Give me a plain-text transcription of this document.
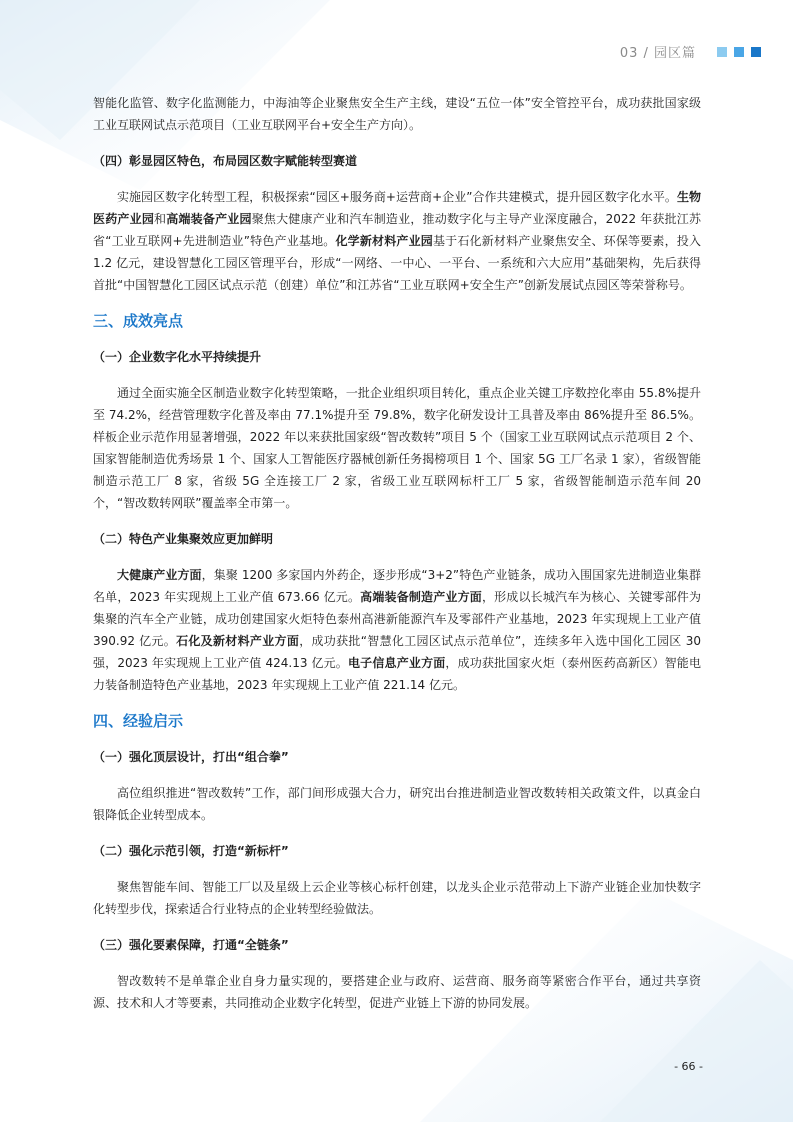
03 / 园区篇

智能化监管、数字化监测能力，中海油等企业聚焦安全生产主线，建设“五位一体”安全管控平台，成功获批国家级工业互联网试点示范项目（工业互联网平台+安全生产方向）。

（四）彰显园区特色，布局园区数字赋能转型赛道

实施园区数字化转型工程，积极探索“园区+服务商+运营商+企业”合作共建模式，提升园区数字化水平。生物医药产业园和高端装备产业园聚焦大健康产业和汽车制造业，推动数字化与主导产业深度融合，2022 年获批江苏省“工业互联网+先进制造业”特色产业基地。化学新材料产业园基于石化新材料产业聚焦安全、环保等要素，投入 1.2 亿元，建设智慧化工园区管理平台，形成“一网络、一中心、一平台、一系统和六大应用”基础架构，先后获得首批“中国智慧化工园区试点示范（创建）单位”和江苏省“工业互联网+安全生产”创新发展试点园区等荣誉称号。

三、成效亮点

（一）企业数字化水平持续提升

通过全面实施全区制造业数字化转型策略，一批企业组织项目转化，重点企业关键工序数控化率由 55.8%提升至 74.2%，经营管理数字化普及率由 77.1%提升至 79.8%，数字化研发设计工具普及率由 86%提升至 86.5%。样板企业示范作用显著增强，2022 年以来获批国家级“智改数转”项目 5 个（国家工业互联网试点示范项目 2 个、国家智能制造优秀场景 1 个、国家人工智能医疗器械创新任务揭榜项目 1 个、国家 5G 工厂名录 1 家），省级智能制造示范工厂 8 家，省级 5G 全连接工厂 2 家，省级工业互联网标杆工厂 5 家，省级智能制造示范车间 20 个，“智改数转网联”覆盖率全市第一。

（二）特色产业集聚效应更加鲜明

大健康产业方面，集聚 1200 多家国内外药企，逐步形成“3+2”特色产业链条，成功入围国家先进制造业集群名单，2023 年实现规上工业产值 673.66 亿元。高端装备制造产业方面，形成以长城汽车为核心、关键零部件为集聚的汽车全产业链，成功创建国家火炬特色泰州高港新能源汽车及零部件产业基地，2023 年实现规上工业产值 390.92 亿元。石化及新材料产业方面，成功获批“智慧化工园区试点示范单位”，连续多年入选中国化工园区 30 强，2023 年实现规上工业产值 424.13 亿元。电子信息产业方面，成功获批国家火炬（泰州医药高新区）智能电力装备制造特色产业基地，2023 年实现规上工业产值 221.14 亿元。

四、经验启示

（一）强化顶层设计，打出“组合拳”

高位组织推进“智改数转”工作，部门间形成强大合力，研究出台推进制造业智改数转相关政策文件，以真金白银降低企业转型成本。

（二）强化示范引领，打造“新标杆”

聚焦智能车间、智能工厂以及星级上云企业等核心标杆创建，以龙头企业示范带动上下游产业链企业加快数字化转型步伐，探索适合行业特点的企业转型经验做法。

（三）强化要素保障，打通“全链条”

智改数转不是单靠企业自身力量实现的，要搭建企业与政府、运营商、服务商等紧密合作平台，通过共享资源、技术和人才等要素，共同推动企业数字化转型，促进产业链上下游的协同发展。

- 66 -
